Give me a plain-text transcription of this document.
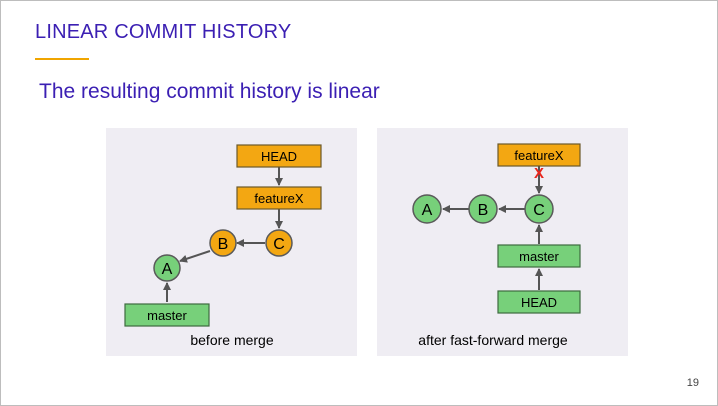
LINEAR COMMIT HISTORY
The resulting commit history is linear
HEAD
featureX
C
B
A
master
before merge
featureX
X
C
B
A
master
HEAD
after fast-forward merge
19
